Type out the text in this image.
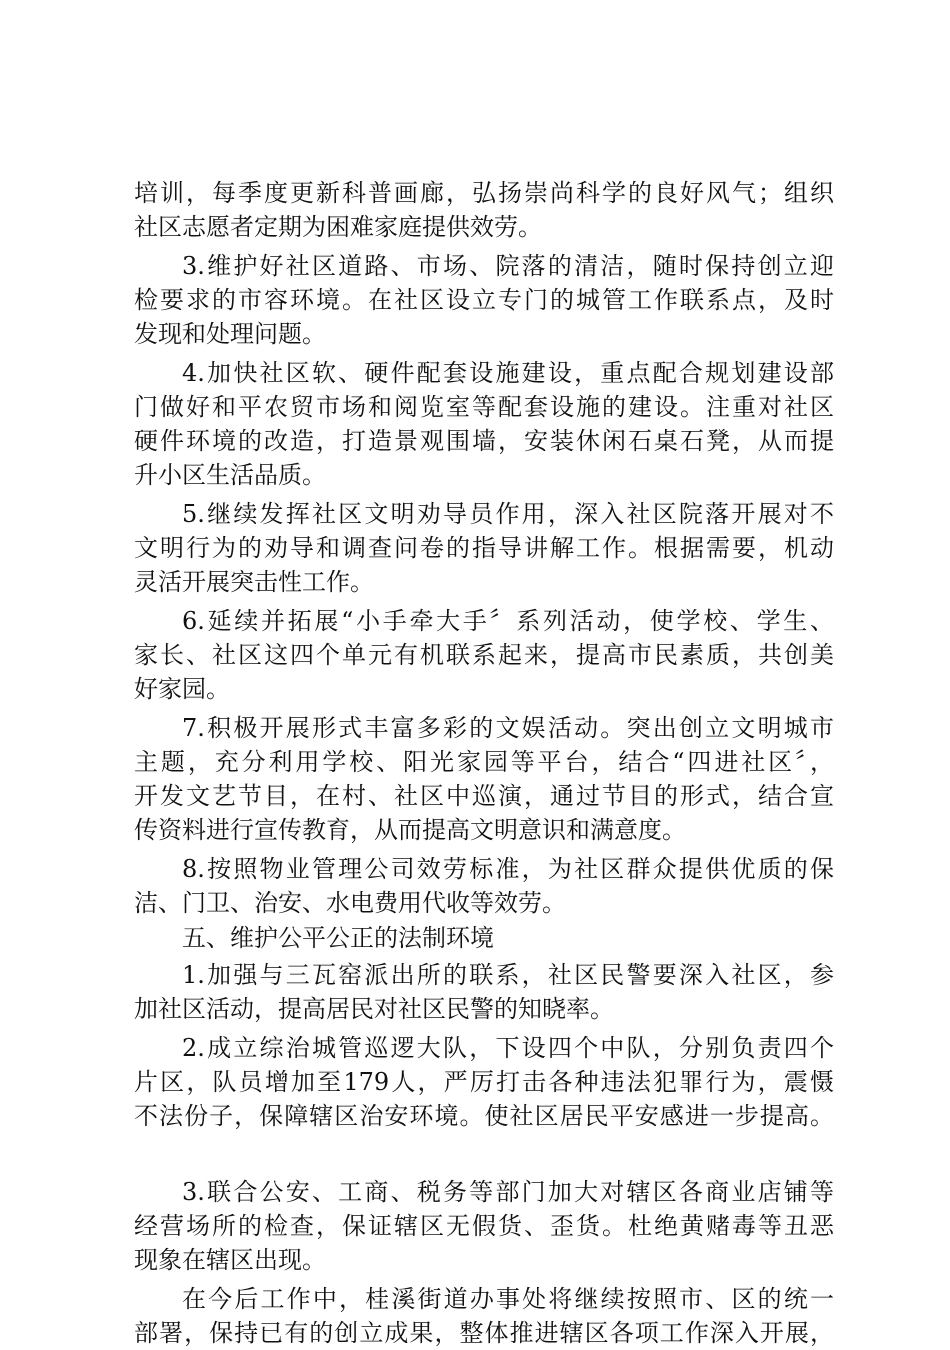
培训，每季度更新科普画廊，弘扬崇尚科学的良好风气；组织
社区志愿者定期为困难家庭提供效劳。
3.维护好社区道路、市场、院落的清洁，随时保持创立迎
检要求的市容环境。在社区设立专门的城管工作联系点，及时
发现和处理问题。
4.加快社区软、硬件配套设施建设，重点配合规划建设部
门做好和平农贸市场和阅览室等配套设施的建设。注重对社区
硬件环境的改造，打造景观围墙，安装休闲石桌石凳，从而提
升小区生活品质。
5.继续发挥社区文明劝导员作用，深入社区院落开展对不
文明行为的劝导和调查问卷的指导讲解工作。根据需要，机动
灵活开展突击性工作。
6.延续并拓展“小手牵大手〞系列活动，使学校、学生、
家长、社区这四个单元有机联系起来，提高市民素质，共创美
好家园。
7.积极开展形式丰富多彩的文娱活动。突出创立文明城市
主题，充分利用学校、阳光家园等平台，结合“四进社区〞，
开发文艺节目，在村、社区中巡演，通过节目的形式，结合宣
传资料进行宣传教育，从而提高文明意识和满意度。
8.按照物业管理公司效劳标准，为社区群众提供优质的保
洁、门卫、治安、水电费用代收等效劳。
五、维护公平公正的法制环境
1.加强与三瓦窑派出所的联系，社区民警要深入社区，参
加社区活动，提高居民对社区民警的知晓率。
2.成立综治城管巡逻大队，下设四个中队，分别负责四个
片区，队员增加至179人，严厉打击各种违法犯罪行为，震慑
不法份子，保障辖区治安环境。使社区居民平安感进一步提高。
3.联合公安、工商、税务等部门加大对辖区各商业店铺等
经营场所的检查，保证辖区无假货、歪货。杜绝黄赌毒等丑恶
现象在辖区出现。
在今后工作中，桂溪街道办事处将继续按照市、区的统一
部署，保持已有的创立成果，整体推进辖区各项工作深入开展，
